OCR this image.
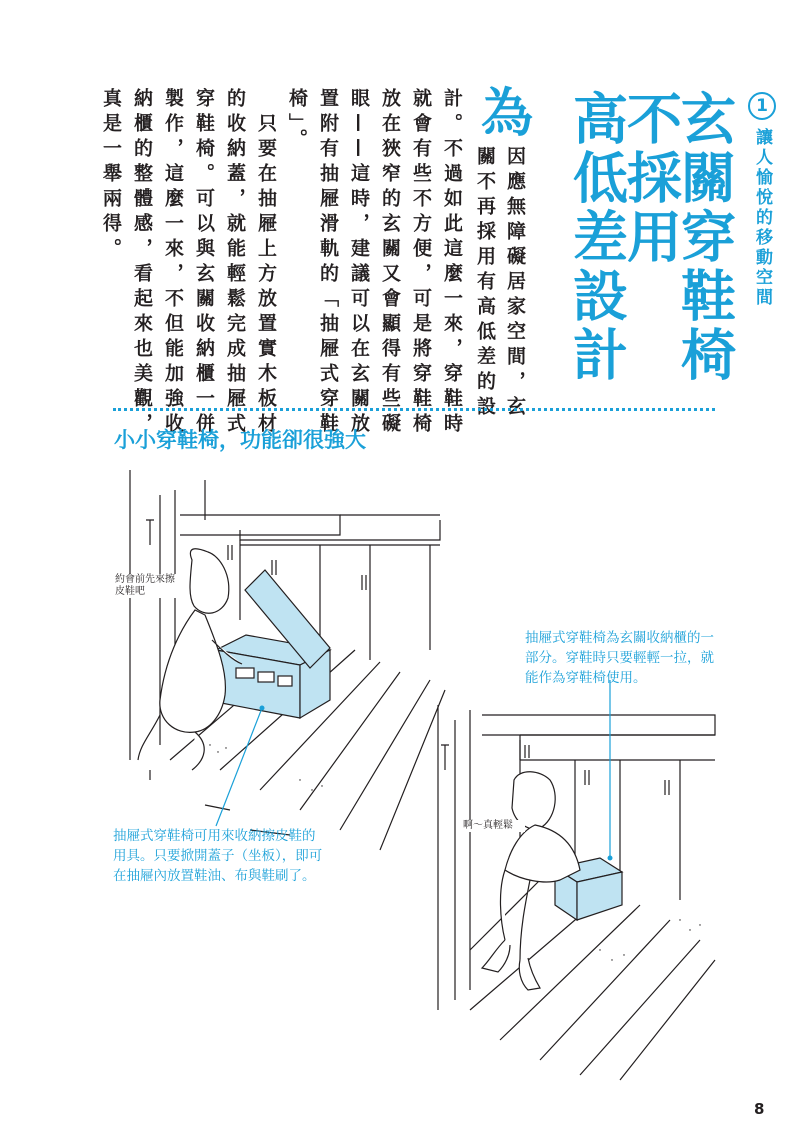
1
讓人愉悅的移動空間
玄關穿鞋椅
不採用
高低差設計
為
因應無障礙居家空間，玄
關不再採用有高低差的設
計。不過如此這麼一來，穿鞋時
就會有些不方便，可是將穿鞋椅
放在狹窄的玄關又會顯得有些礙
眼——這時，建議可以在玄關放
置附有抽屜滑軌的「抽屜式穿鞋
椅」。
　只要在抽屜上方放置實木板材
的收納蓋，就能輕鬆完成抽屜式
穿鞋椅。可以與玄關收納櫃一併
製作，這麼一來，不但能加強收
納櫃的整體感，看起來也美觀，
真是一舉兩得。
小小穿鞋椅，功能卻很強大
約會前先來擦皮鞋吧
啊～真輕鬆
抽屜式穿鞋椅為玄關收納櫃的一部分。穿鞋時只要輕輕一拉，就能作為穿鞋椅使用。
抽屜式穿鞋椅可用來收納擦皮鞋的用具。只要掀開蓋子（坐板），即可在抽屜內放置鞋油、布與鞋刷了。
8
